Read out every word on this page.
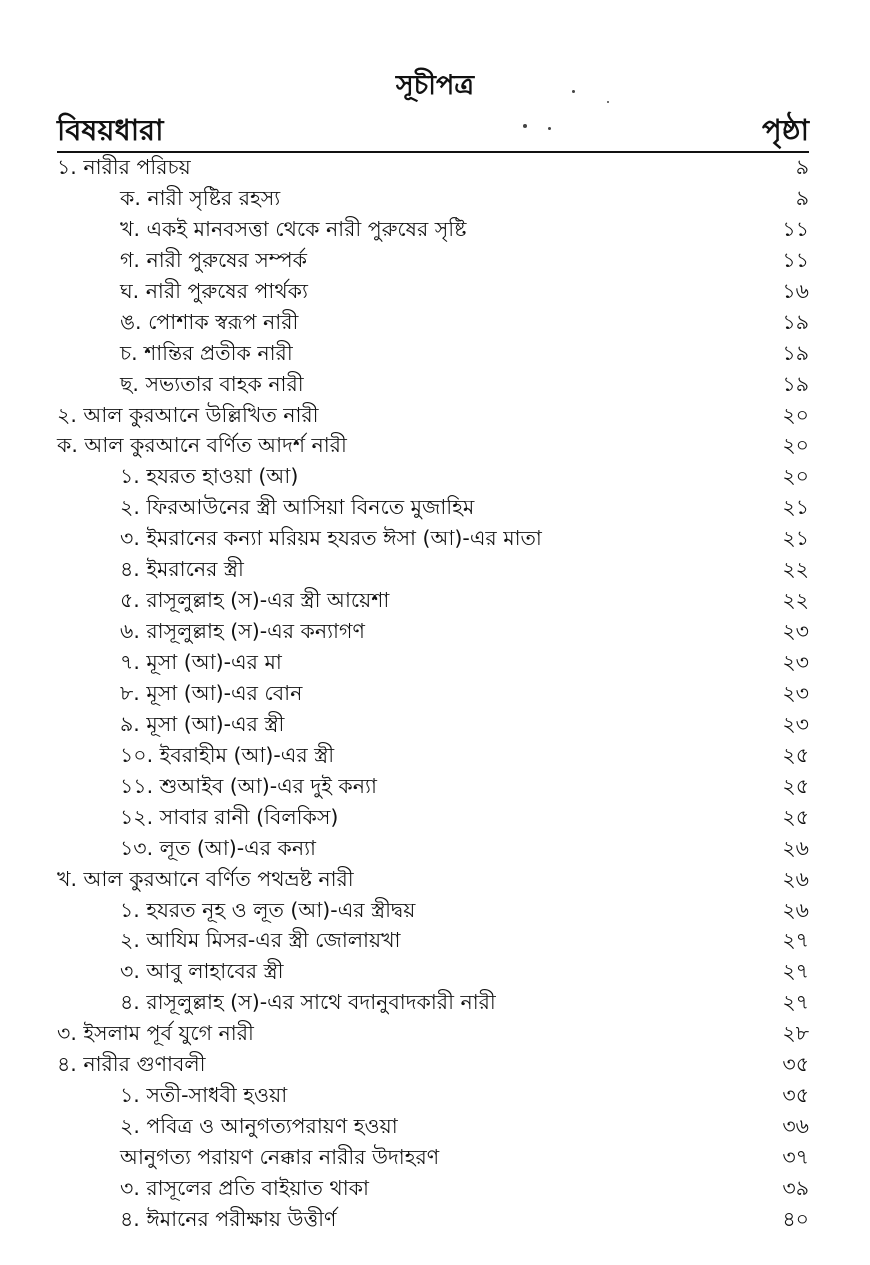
সূচীপত্র
বিষয়ধারা	পৃষ্ঠা
১. নারীর পরিচয়	৯
ক. নারী সৃষ্টির রহস্য	৯
খ. একই মানবসত্তা থেকে নারী পুরুষের সৃষ্টি	১১
গ. নারী পুরুষের সম্পর্ক	১১
ঘ. নারী পুরুষের পার্থক্য	১৬
ঙ. পোশাক স্বরূপ নারী	১৯
চ. শান্তির প্রতীক নারী	১৯
ছ. সভ্যতার বাহক নারী	১৯
২. আল কুরআনে উল্লিখিত নারী	২০
ক. আল কুরআনে বর্ণিত আদর্শ নারী	২০
১. হযরত হাওয়া (আ)	২০
২. ফিরআউনের স্ত্রী আসিয়া বিনতে মুজাহিম	২১
৩. ইমরানের কন্যা মরিয়ম হযরত ঈসা (আ)-এর মাতা	২১
৪. ইমরানের স্ত্রী	২২
৫. রাসূলুল্লাহ (স)-এর স্ত্রী আয়েশা	২২
৬. রাসূলুল্লাহ (স)-এর কন্যাগণ	২৩
৭. মূসা (আ)-এর মা	২৩
৮. মূসা (আ)-এর বোন	২৩
৯. মূসা (আ)-এর স্ত্রী	২৩
১০. ইবরাহীম (আ)-এর স্ত্রী	২৫
১১. শুআইব (আ)-এর দুই কন্যা	২৫
১২. সাবার রানী (বিলকিস)	২৫
১৩. লূত (আ)-এর কন্যা	২৬
খ. আল কুরআনে বর্ণিত পথভ্রষ্ট নারী	২৬
১. হযরত নূহ ও লূত (আ)-এর স্ত্রীদ্বয়	২৬
২. আযিম মিসর-এর স্ত্রী জোলায়খা	২৭
৩. আবু লাহাবের স্ত্রী	২৭
৪. রাসূলুল্লাহ (স)-এর সাথে বদানুবাদকারী নারী	২৭
৩. ইসলাম পূর্ব যুগে নারী	২৮
৪. নারীর গুণাবলী	৩৫
১. সতী-সাধবী হওয়া	৩৫
২. পবিত্র ও আনুগত্যপরায়ণ হওয়া	৩৬
আনুগত্য পরায়ণ নেক্কার নারীর উদাহরণ	৩৭
৩. রাসূলের প্রতি বাইয়াত থাকা	৩৯
৪. ঈমানের পরীক্ষায় উত্তীর্ণ	৪০
